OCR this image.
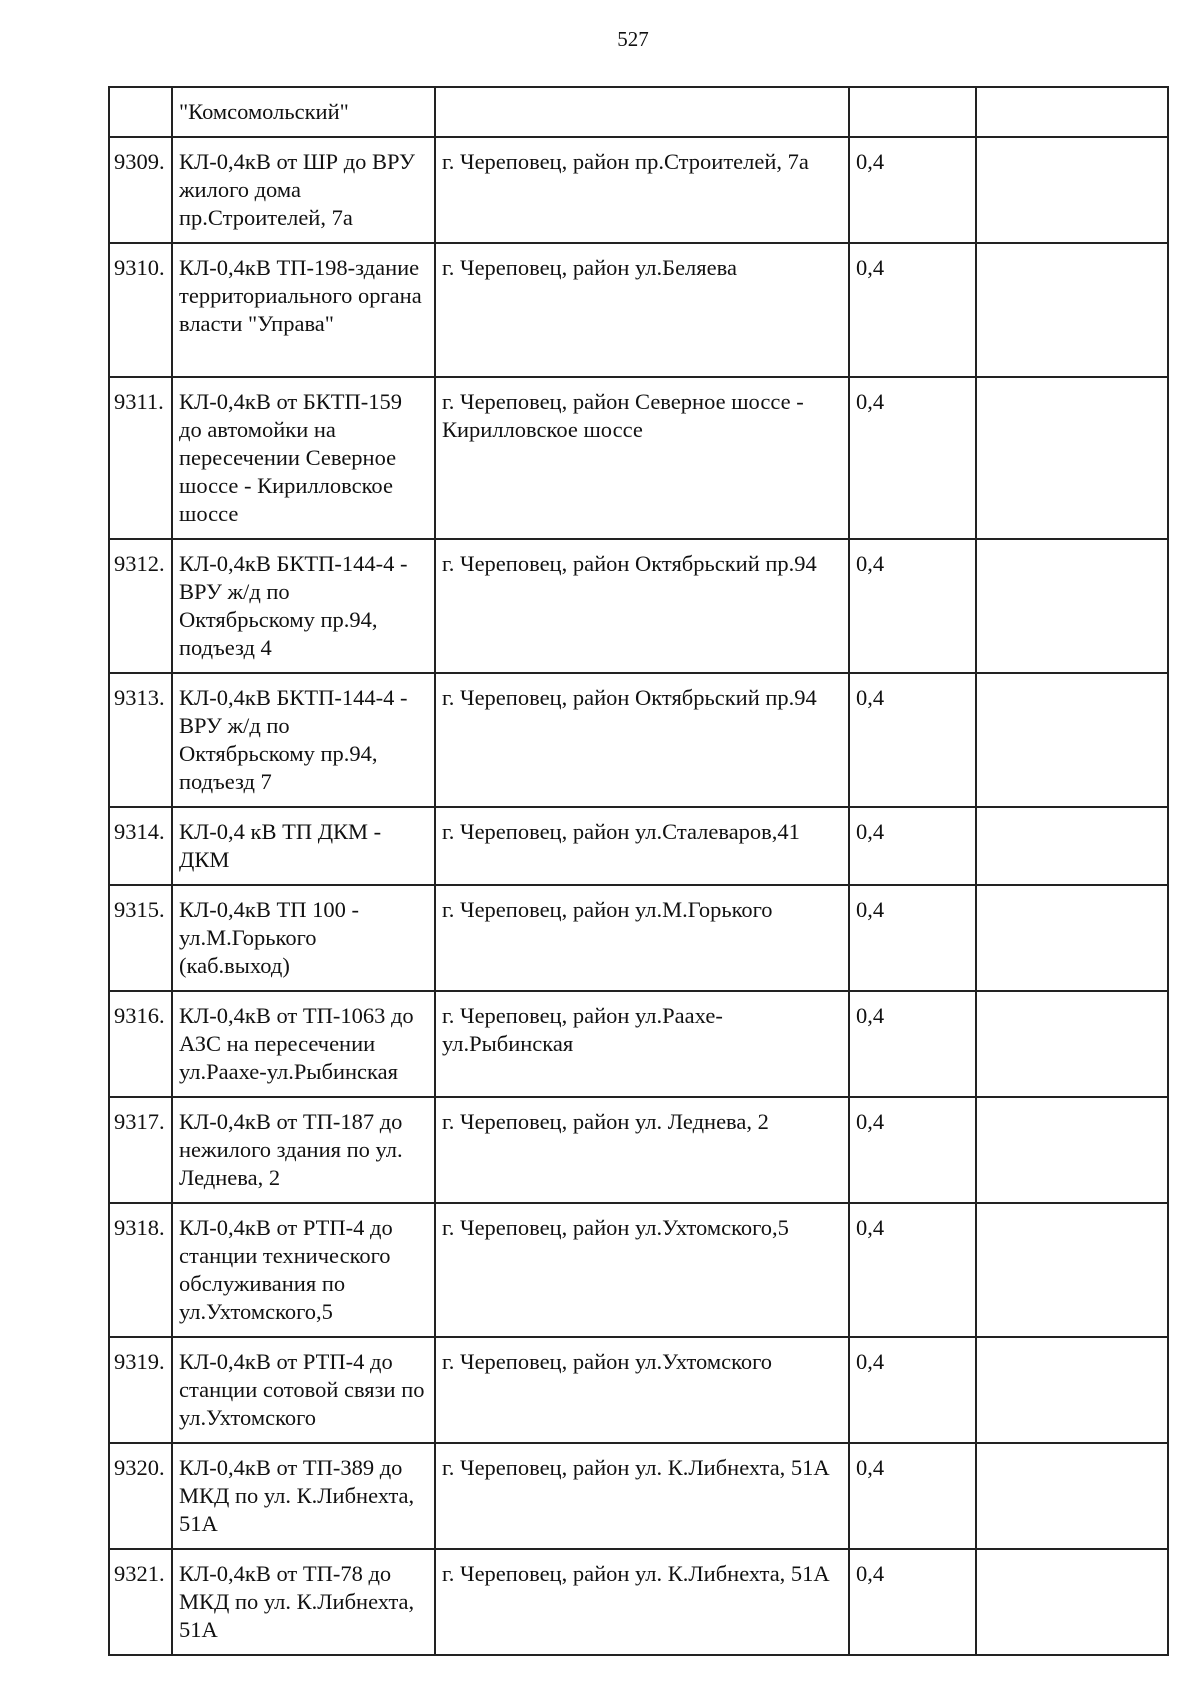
527
	"Комсомольский"			
9309.	КЛ-0,4кВ от ШР до ВРУ жилого дома пр.Строителей, 7а	г. Череповец, район пр.Строителей, 7а	0,4	
9310.	КЛ-0,4кВ ТП-198-здание территориального органа власти "Управа"	г. Череповец, район ул.Беляева	0,4	
9311.	КЛ-0,4кВ от БКТП-159 до автомойки на пересечении Северное шоссе - Кирилловское шоссе	г. Череповец, район Северное шоссе - Кирилловское шоссе	0,4	
9312.	КЛ-0,4кВ БКТП-144-4 - ВРУ ж/д по Октябрьскому пр.94, подъезд 4	г. Череповец, район Октябрьский пр.94	0,4	
9313.	КЛ-0,4кВ БКТП-144-4 - ВРУ ж/д по Октябрьскому пр.94, подъезд 7	г. Череповец, район Октябрьский пр.94	0,4	
9314.	КЛ-0,4 кВ ТП ДКМ - ДКМ	г. Череповец, район ул.Сталеваров,41	0,4	
9315.	КЛ-0,4кВ ТП 100 - ул.М.Горького (каб.выход)	г. Череповец, район ул.М.Горького	0,4	
9316.	КЛ-0,4кВ от ТП-1063 до АЗС на пересечении ул.Раахе-ул.Рыбинская	г. Череповец, район ул.Раахе-ул.Рыбинская	0,4	
9317.	КЛ-0,4кВ от ТП-187 до нежилого здания по ул. Леднева, 2	г. Череповец, район ул. Леднева, 2	0,4	
9318.	КЛ-0,4кВ от РТП-4 до станции технического обслуживания по ул.Ухтомского,5	г. Череповец, район ул.Ухтомского,5	0,4	
9319.	КЛ-0,4кВ от РТП-4 до станции сотовой связи по ул.Ухтомского	г. Череповец, район ул.Ухтомского	0,4	
9320.	КЛ-0,4кВ от ТП-389 до МКД по ул. К.Либнехта, 51А	г. Череповец, район ул. К.Либнехта, 51А	0,4	
9321.	КЛ-0,4кВ от ТП-78 до МКД по ул. К.Либнехта, 51А	г. Череповец, район ул. К.Либнехта, 51А	0,4	
